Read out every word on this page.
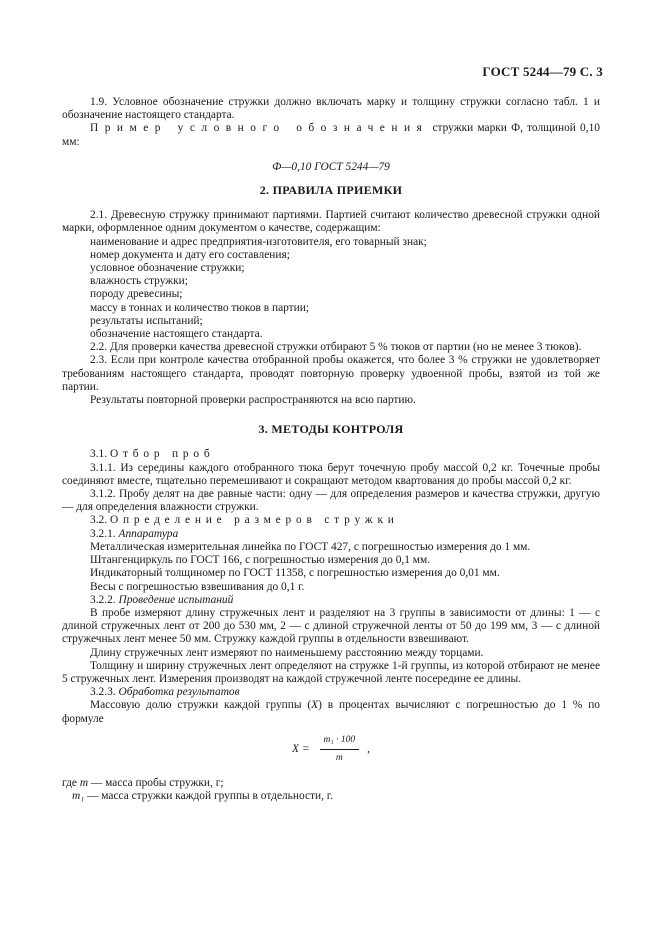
ГОСТ 5244—79 С. 3

1.9. Условное обозначение стружки должно включать марку и толщину стружки согласно табл. 1 и обозначение настоящего стандарта.

Пример условного обозначения стружки марки Ф, толщиной 0,10 мм:

Ф—0,10 ГОСТ 5244—79

2. ПРАВИЛА ПРИЕМКИ

2.1. Древесную стружку принимают партиями. Партией считают количество древесной стружки одной марки, оформленное одним документом о качестве, содержащим:

наименование и адрес предприятия-изготовителя, его товарный знак;

номер документа и дату его составления;

условное обозначение стружки;

влажность стружки;

породу древесины;

массу в тоннах и количество тюков в партии;

результаты испытаний;

обозначение настоящего стандарта.

2.2. Для проверки качества древесной стружки отбирают 5 % тюков от партии (но не менее 3 тюков).

2.3. Если при контроле качества отобранной пробы окажется, что более 3 % стружки не удовлетворяет требованиям настоящего стандарта, проводят повторную проверку удвоенной пробы, взятой из той же партии.

Результаты повторной проверки распространяются на всю партию.

3. МЕТОДЫ КОНТРОЛЯ

3.1. Отбор проб

3.1.1. Из середины каждого отобранного тюка берут точечную пробу массой 0,2 кг. Точечные пробы соединяют вместе, тщательно перемешивают и сокращают методом квартования до пробы массой 0,2 кг.

3.1.2. Пробу делят на две равные части: одну — для определения размеров и качества стружки, другую — для определения влажности стружки.

3.2. Определение размеров стружки

3.2.1. Аппаратура

Металлическая измерительная линейка по ГОСТ 427, с погрешностью измерения до 1 мм.

Штангенциркуль по ГОСТ 166, с погрешностью измерения до 0,1 мм.

Индикаторный толщиномер по ГОСТ 11358, с погрешностью измерения до 0,01 мм.

Весы с погрешностью взвешивания до 0,1 г.

3.2.2. Проведение испытаний

В пробе измеряют длину стружечных лент и разделяют на 3 группы в зависимости от длины: 1 — с длиной стружечных лент от 200 до 530 мм, 2 — с длиной стружечной ленты от 50 до 199 мм, 3 — с длиной стружечных лент менее 50 мм. Стружку каждой группы в отдельности взвешивают.

Длину стружечных лент измеряют по наименьшему расстоянию между торцами.

Толщину и ширину стружечных лент определяют на стружке 1-й группы, из которой отбирают не менее 5 стружечных лент. Измерения производят на каждой стружечной ленте посередине ее длины.

3.2.3. Обработка результатов

Массовую долю стружки каждой группы (X) в процентах вычисляют с погрешностью до 1 % по формуле

$X = \frac{\text{m₁ · 100}}{m}$ ,

где m — масса пробы стружки, г;

m₁ — масса стружки каждой группы в отдельности, г.
